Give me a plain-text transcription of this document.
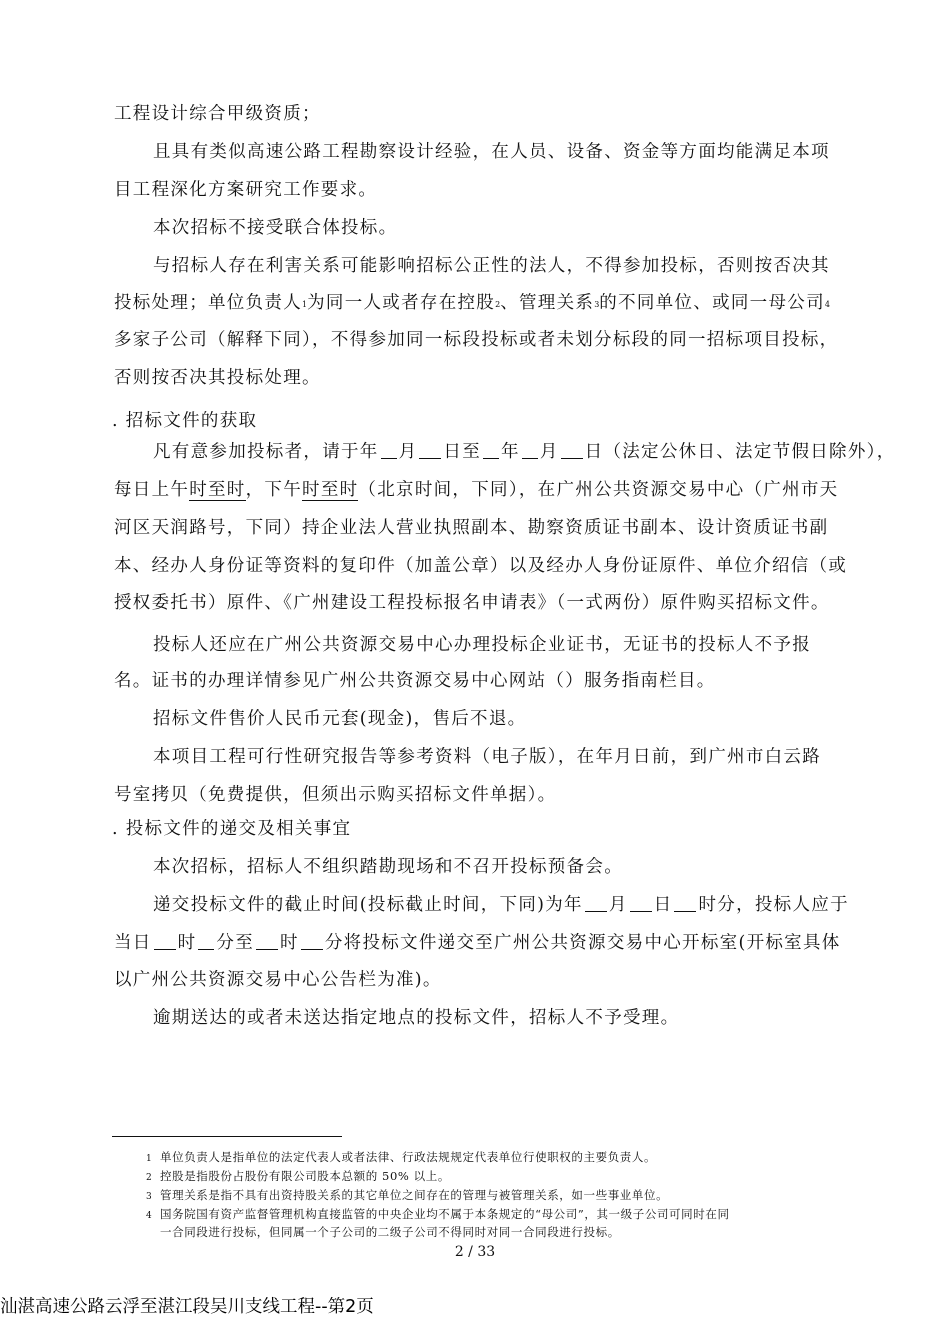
工程设计综合甲级资质；
且具有类似高速公路工程勘察设计经验，在人员、设备、资金等方面均能满足本项
目工程深化方案研究工作要求。
本次招标不接受联合体投标。
与招标人存在利害关系可能影响招标公正性的法人，不得参加投标，否则按否决其
投标处理；单位负责人$^1$为同一人或者存在控股$^2$、管理关系$^3$的不同单位、或同一母公司$^4$
多家子公司（解释下同），不得参加同一标段投标或者未划分标段的同一招标项目投标，
否则按否决其投标处理。
. 招标文件的获取
凡有意参加投标者，请于年 月 日至 年 月 日（法定公休日、法定节假日除外），
每日上午时至时，下午时至时（北京时间，下同），在广州公共资源交易中心（广州市天
河区天润路号，下同）持企业法人营业执照副本、勘察资质证书副本、设计资质证书副
本、经办人身份证等资料的复印件（加盖公章）以及经办人身份证原件、单位介绍信（或
授权委托书）原件、《广州建设工程投标报名申请表》（一式两份）原件购买招标文件。
投标人还应在广州公共资源交易中心办理投标企业证书，无证书的投标人不予报
名。证书的办理详情参见广州公共资源交易中心网站（）服务指南栏目。
招标文件售价人民币元套(现金)，售后不退。
本项目工程可行性研究报告等参考资料（电子版），在年月日前，到广州市白云路
号室拷贝（免费提供，但须出示购买招标文件单据）。
. 投标文件的递交及相关事宜
本次招标，招标人不组织踏勘现场和不召开投标预备会。
递交投标文件的截止时间(投标截止时间，下同)为年 月 日 时分，投标人应于
当日 时 分至 时 分将投标文件递交至广州公共资源交易中心开标室(开标室具体
以广州公共资源交易中心公告栏为准)。
逾期送达的或者未送达指定地点的投标文件，招标人不予受理。
1 单位负责人是指单位的法定代表人或者法律、行政法规规定代表单位行使职权的主要负责人。
2 控股是指股份占股份有限公司股本总额的 50% 以上。
3 管理关系是指不具有出资持股关系的其它单位之间存在的管理与被管理关系，如一些事业单位。
4 国务院国有资产监督管理机构直接监管的中央企业均不属于本条规定的“母公司”，其一级子公司可同时在同
一合同段进行投标，但同属一个子公司的二级子公司不得同时对同一合同段进行投标。
2 / 33
汕湛高速公路云浮至湛江段吴川支线工程--第2页
